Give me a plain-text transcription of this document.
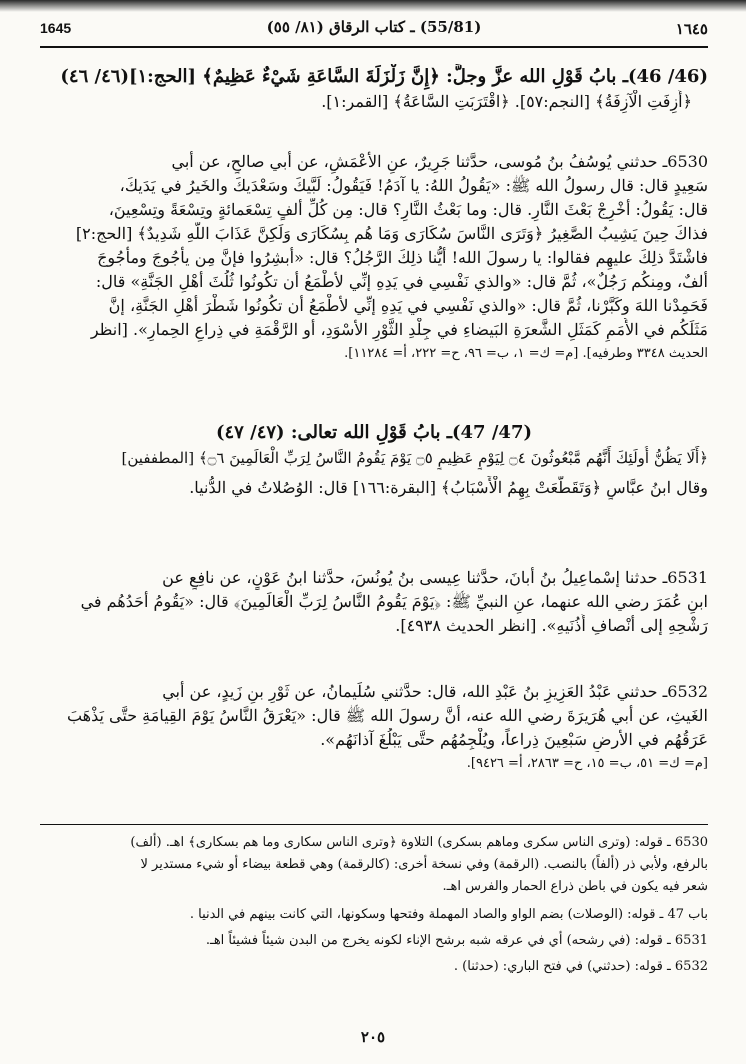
1645	(55/81) ـ كتاب الرقاق (٨١/ ٥٥)	١٦٤٥
(46/ 46)ـ بابُ قَوْلِ الله عزَّ وجلَّ: ﴿إِنَّ زَلْزَلَةَ السَّاعَةِ شَيْءٌ عَظِيمٌ﴾ [الحج:١](٤٦/ ٤٦)
﴿أَزِفَتِ الْآزِفَةُ﴾ [النجم:٥٧]. ﴿اقْتَرَبَتِ السَّاعَةُ﴾ [القمر:١].
6530ـ حدثني يُوسُفُ بنُ مُوسى، حدَّثنا جَرِيرٌ، عنِ الأعْمَشِ، عن أبي صالحٍ، عن أبي
سَعِيدٍ قال: قال رسولُ الله ﷺ: «يَقُولُ اللهُ: يا آدَمُ! فَيَقُولُ: لَبَّيكَ وسَعْدَيكَ والخَيرُ في يَدَيكَ،
قال: يَقُولُ: أخْرِجْ بَعْثَ النَّارِ. قال: وما بَعْثُ النَّارِ؟ قال: مِن كُلِّ ألفٍ تِسْعَمائةٍ وتِسْعَةً وتِسْعِينَ،
فذاكَ حِينَ يَشِيبُ الصَّغِيرُ ﴿وَتَرَى النَّاسَ سُكَارَى وَمَا هُم بِسُكَارَى وَلَكِنَّ عَذَابَ اللَّهِ شَدِيدٌ﴾ [الحج:٢]
فاشْتَدَّ ذلِكَ عليهِم فقالوا: يا رسولَ الله! أيُّنا ذلِكَ الرَّجُلُ؟ قال: «أبشِرُوا فإنَّ مِن يأجُوجَ ومأجُوجَ
ألفٌ، ومِنكُم رَجُلٌ»، ثُمَّ قال: «والذي نَفْسِي في يَدِهِ إنِّي لأطْمَعُ أن تكُونُوا ثُلُثَ أهْلِ الجَنَّةِ» قال:
فَحَمِدْنا اللهَ وكَبَّرْنا، ثُمَّ قال: «والذي نَفْسِي في يَدِهِ إنِّي لأطْمَعُ أن تكُونُوا شَطْرَ أهْلِ الجَنَّةِ، إنَّ
مَثَلَكُم في الأُمَمِ كَمَثَلِ الشَّعرَةِ البَيضاءِ في جِلْدِ الثَّوْرِ الأسْوَدِ، أو الرَّقْمَةِ في ذِراعِ الحِمارِ». [انظر
الحديث ٣٣٤٨ وطرفيه]. [م= ك= ١، ب= ٩٦، ح= ٢٢٢، أ= ١١٢٨٤].
(47/ 47)ـ بابُ قَوْلِ الله تعالى: (٤٧/ ٤٧)
﴿أَلَا يَظُنُّ أُولَئِكَ أَنَّهُم مَّبْعُوثُونَ ۝٤ لِيَوْمٍ عَظِيمٍ ۝٥ يَوْمَ يَقُومُ النَّاسُ لِرَبِّ الْعَالَمِينَ ۝٦﴾ [المطففين]
وقال ابنُ عبَّاسٍ ﴿وَتَقَطَّعَتْ بِهِمُ الْأَسْبَابُ﴾ [البقرة:١٦٦] قال: الوُصُلاتُ في الدُّنيا.
6531ـ حدثنا إسْماعِيلُ بنُ أبانَ، حدَّثنا عِيسى بنُ يُونُسَ، حدَّثنا ابنُ عَوْنٍ، عن نافِعٍ عن
ابنِ عُمَرَ رضي الله عنهما، عنِ النبيِّ ﷺ: ﴿يَوْمَ يَقُومُ النَّاسُ لِرَبِّ الْعَالَمِينَ﴾ قال: «يَقُومُ أحَدُهُم في
رَشْحِهِ إلى أنْصافِ أُذُنَيهِ». [انظر الحديث ٤٩٣٨].
6532ـ حدثني عَبْدُ العَزِيزِ بنُ عَبْدِ الله، قال: حدَّثني سُلَيمانُ، عن ثَوْرِ بنِ زَيدٍ، عن أبي
الغَيثِ، عن أبي هُرَيرَةَ رضي الله عنه، أنَّ رسولَ الله ﷺ قال: «يَعْرَقُ النَّاسُ يَوْمَ القِيامَةِ حتَّى يَذْهَبَ
عَرَقُهُم في الأرضِ سَبْعِينَ ذِراعاً، ويُلْجِمُهُم حتَّى يَبْلُغَ آذانَهُم».
[م= ك= ٥١، ب= ١٥، ح= ٢٨٦٣، أ= ٩٤٢٦].
6530 ـ قوله: (وترى الناس سكرى وماهم بسكرى) التلاوة ﴿وترى الناس سكارى وما هم بسكارى﴾ اهـ. (ألف)
بالرفع، ولأبي ذر (ألفاً) بالنصب. (الرقمة) وفي نسخة أخرى: (كالرقمة) وهي قطعة بيضاء أو شيء مستدير لا
شعر فيه يكون في باطن ذراع الحمار والفرس اهـ.
باب 47 ـ قوله: (الوصلات) بضم الواو والصاد المهملة وفتحها وسكونها، التي كانت بينهم في الدنيا .
6531 ـ قوله: (في رشحه) أي في عرقه شبه برشح الإناء لكونه يخرج من البدن شيئاً فشيئاً اهـ.
6532 ـ قوله: (حدثني) في فتح الباري: (حدثنا) .
٢٠٥
